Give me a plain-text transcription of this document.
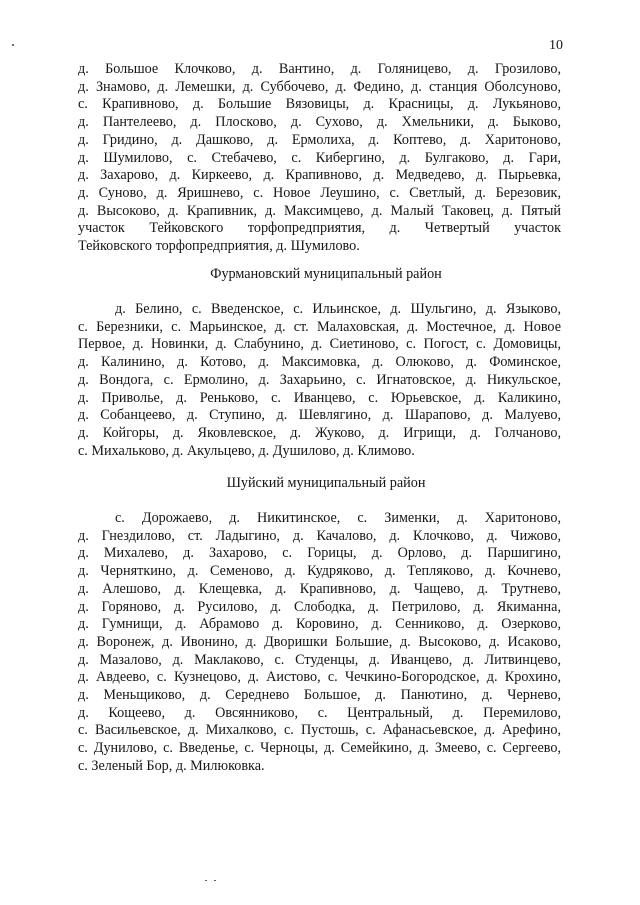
10
д. Большое Клочково, д. Вантино, д. Голяницево, д. Грозилово,
д. Знамово, д. Лемешки, д. Суббочево, д. Федино, д. станция Оболсуново,
с. Крапивново, д. Большие Вязовицы, д. Красницы, д. Лукьяново,
д. Пантелеево, д. Плосково, д. Сухово, д. Хмельники, д. Быково,
д. Гридино, д. Дашково, д. Ермолиха, д. Коптево, д. Харитоново,
д. Шумилово, с. Стебачево, с. Кибергино, д. Булгаково, д. Гари,
д. Захарово, д. Киркеево, д. Крапивново, д. Медведево, д. Пырьевка,
д. Суново, д. Яришнево, с. Новое Леушино, с. Светлый, д. Березовик,
д. Высоково, д. Крапивник, д. Максимцево, д. Малый Таковец, д. Пятый
участок Тейковского торфопредприятия, д. Четвертый участок
Тейковского торфопредприятия, д. Шумилово.
Фурмановский муниципальный район
д. Белино, с. Введенское, с. Ильинское, д. Шульгино, д. Языково,
с. Березники, с. Марьинское, д. ст. Малаховская, д. Мостечное, д. Новое
Первое, д. Новинки, д. Слабунино, д. Сиетиново, с. Погост, с. Домовицы,
д. Калинино, д. Котово, д. Максимовка, д. Олюково, д. Фоминское,
д. Вондога, с. Ермолино, д. Захарьино, с. Игнатовское, д. Никульское,
д. Приволье, д. Реньково, с. Иванцево, с. Юрьевское, д. Каликино,
д. Собанцеево, д. Ступино, д. Шевлягино, д. Шарапово, д. Малуево,
д. Койгоры, д. Яковлевское, д. Жуково, д. Игрищи, д. Голчаново,
с. Михальково, д. Акульцево, д. Душилово, д. Климово.
Шуйский муниципальный район
с. Дорожаево, д. Никитинское, с. Зименки, д. Харитоново,
д. Гнездилово, ст. Ладыгино, д. Качалово, д. Клочково, д. Чижово,
д. Михалево, д. Захарово, с. Горицы, д. Орлово, д. Паршигино,
д. Черняткино, д. Семеново, д. Кудряково, д. Тепляково, д. Кочнево,
д. Алешово, д. Клещевка, д. Крапивново, д. Чащево, д. Трутнево,
д. Горяново, д. Русилово, д. Слободка, д. Петрилово, д. Якиманна,
д. Гумнищи, д. Абрамово д. Коровино, д. Сенниково, д. Озерково,
д. Воронеж, д. Ивонино, д. Дворишки Большие, д. Высоково, д. Исаково,
д. Мазалово, д. Маклаково, с. Студенцы, д. Иванцево, д. Литвинцево,
д. Авдеево, с. Кузнецово, д. Аистово, с. Чечкино-Богородское, д. Крохино,
д. Меньщиково, д. Середнево Большое, д. Панютино, д. Чернево,
д. Кощеево, д. Овсянниково, с. Центральный, д. Перемилово,
с. Васильевское, д. Михалково, с. Пустошь, с. Афанасьевское, д. Арефино,
с. Дунилово, с. Введенье, с. Черноцы, д. Семейкино, д. Змеево, с. Сергеево,
с. Зеленый Бор, д. Милюковка.
